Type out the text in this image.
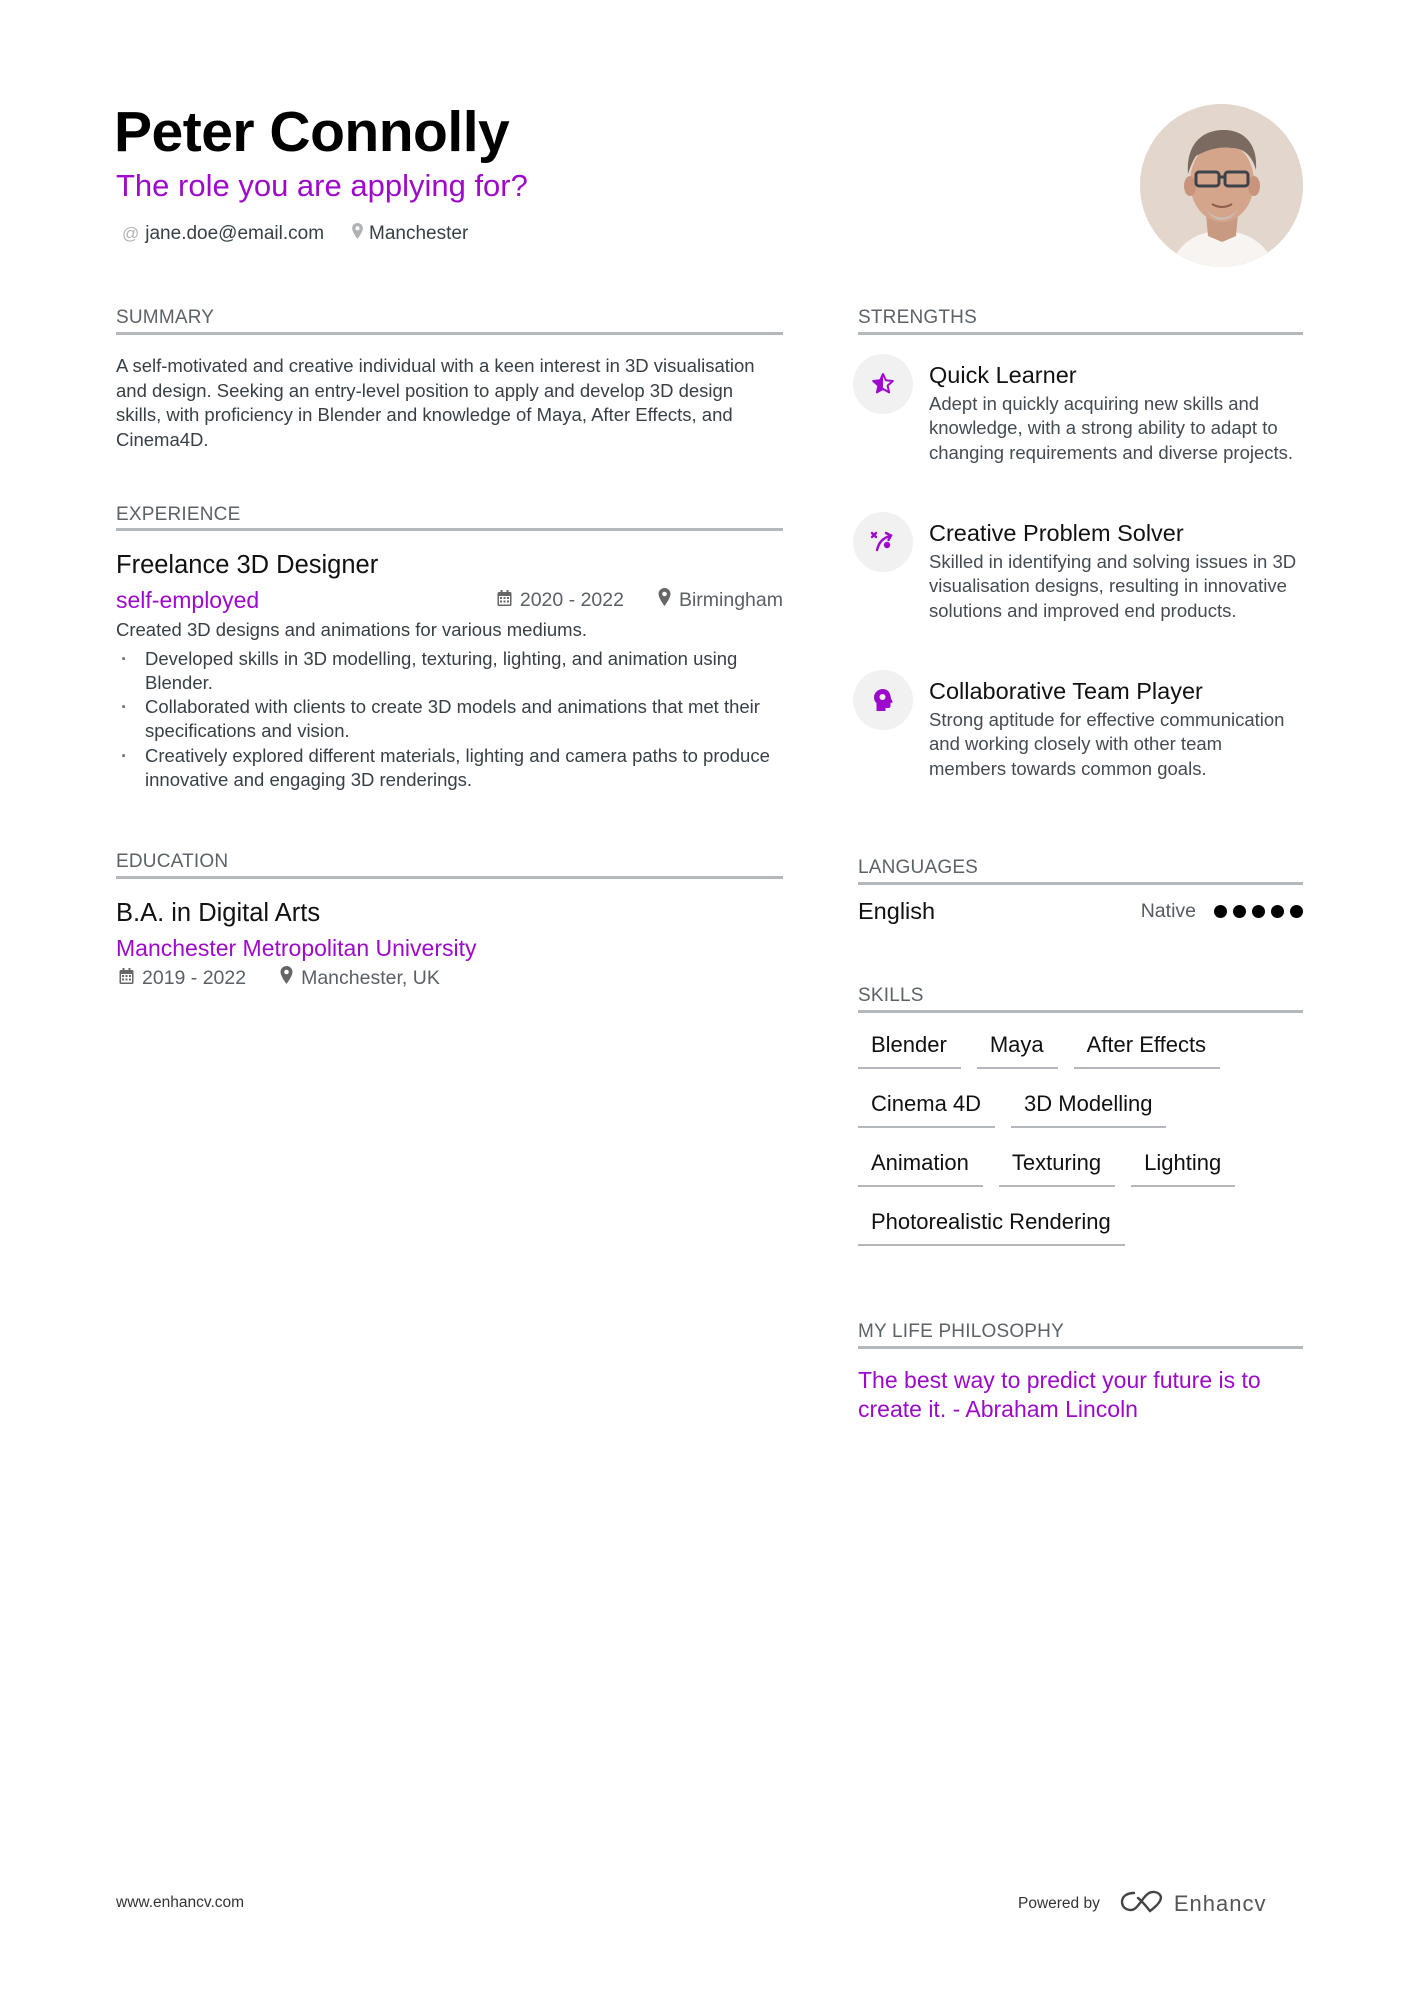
Peter Connolly
The role you are applying for?
@ jane.doe@email.com Manchester
SUMMARY
A self-motivated and creative individual with a keen interest in 3D visualisation and design. Seeking an entry-level position to apply and develop 3D design skills, with proficiency in Blender and knowledge of Maya, After Effects, and Cinema4D.
EXPERIENCE
Freelance 3D Designer
self-employed	2020 - 2022	Birmingham
Created 3D designs and animations for various mediums.
· Developed skills in 3D modelling, texturing, lighting, and animation using Blender.
· Collaborated with clients to create 3D models and animations that met their specifications and vision.
· Creatively explored different materials, lighting and camera paths to produce innovative and engaging 3D renderings.
EDUCATION
B.A. in Digital Arts
Manchester Metropolitan University
2019 - 2022	Manchester, UK
STRENGTHS
Quick Learner
Adept in quickly acquiring new skills and knowledge, with a strong ability to adapt to changing requirements and diverse projects.
Creative Problem Solver
Skilled in identifying and solving issues in 3D visualisation designs, resulting in innovative solutions and improved end products.
Collaborative Team Player
Strong aptitude for effective communication and working closely with other team members towards common goals.
LANGUAGES
English	Native
SKILLS
Blender	Maya	After Effects
Cinema 4D	3D Modelling
Animation	Texturing	Lighting
Photorealistic Rendering
MY LIFE PHILOSOPHY
The best way to predict your future is to create it. - Abraham Lincoln
www.enhancv.com	Powered by	Enhancv
